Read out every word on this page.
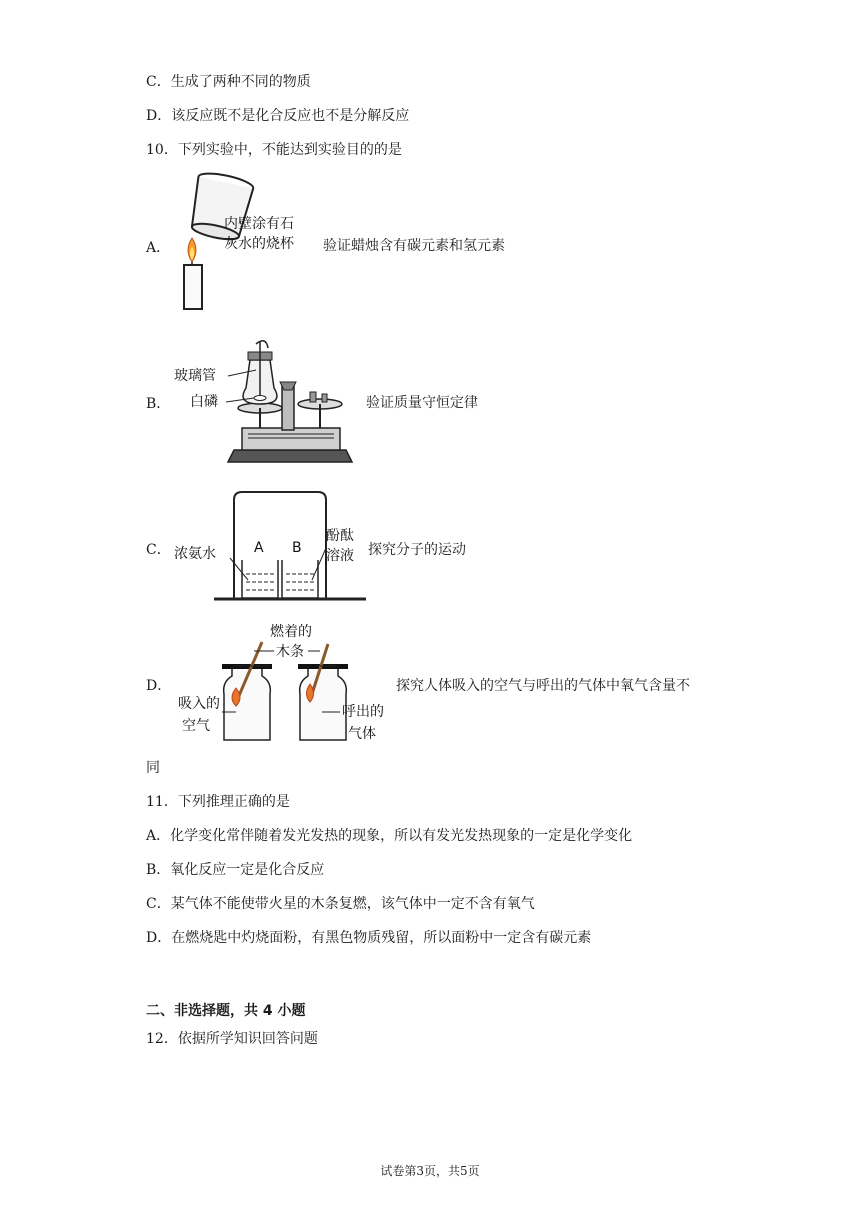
C．生成了两种不同的物质
D．该反应既不是化合反应也不是分解反应
10．下列实验中，不能达到实验目的的是
A．
内壁涂有石
灰水的烧杯 验证蜡烛含有碳元素和氢元素
B．
玻璃管
白磷	验证质量守恒定律
C． 浓氨水	A B
酚酞
溶液 探究分子的运动
D．
燃着的
木条
吸入的
空气
呼出的
气体
探究人体吸入的空气与呼出的气体中氧气含量不
同
11．下列推理正确的是
A．化学变化常伴随着发光发热的现象，所以有发光发热现象的一定是化学变化
B．氧化反应一定是化合反应
C．某气体不能使带火星的木条复燃，该气体中一定不含有氧气
D．在燃烧匙中灼烧面粉，有黑色物质残留，所以面粉中一定含有碳元素
二、非选择题，共 4 小题
12．依据所学知识回答问题
试卷第3页，共5页
